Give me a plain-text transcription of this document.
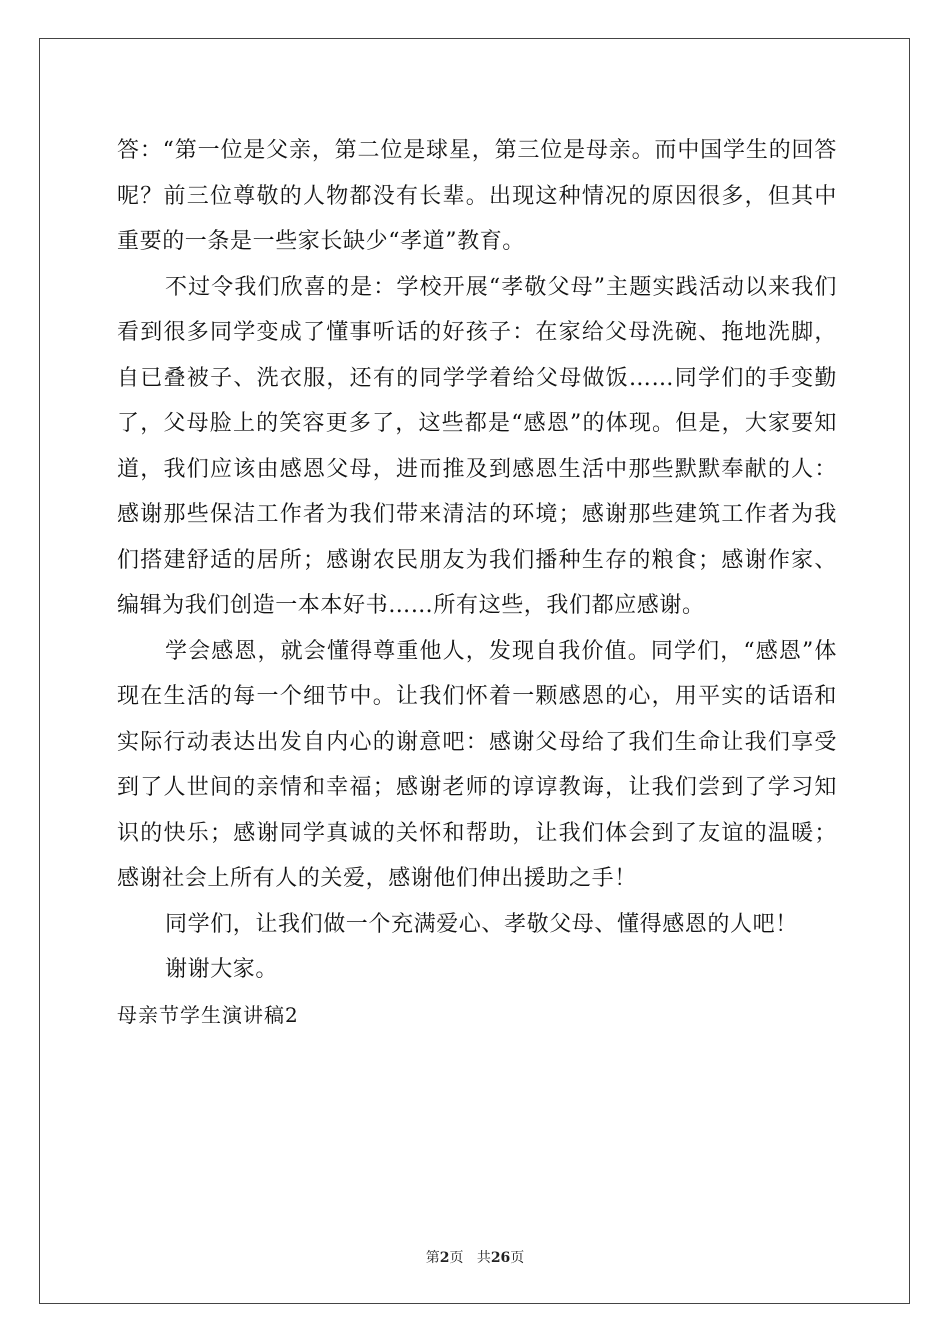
答：“第一位是父亲，第二位是球星，第三位是母亲。而中国学生的回答呢？前三位尊敬的人物都没有长辈。出现这种情况的原因很多，但其中重要的一条是一些家长缺少“孝道”教育。

不过令我们欣喜的是：学校开展“孝敬父母”主题实践活动以来我们看到很多同学变成了懂事听话的好孩子：在家给父母洗碗、拖地洗脚，自已叠被子、洗衣服，还有的同学学着给父母做饭……同学们的手变勤了，父母脸上的笑容更多了，这些都是“感恩”的体现。但是，大家要知道，我们应该由感恩父母，进而推及到感恩生活中那些默默奉献的人：感谢那些保洁工作者为我们带来清洁的环境；感谢那些建筑工作者为我们搭建舒适的居所；感谢农民朋友为我们播种生存的粮食；感谢作家、编辑为我们创造一本本好书……所有这些，我们都应感谢。

学会感恩，就会懂得尊重他人，发现自我价值。同学们，“感恩”体现在生活的每一个细节中。让我们怀着一颗感恩的心，用平实的话语和实际行动表达出发自内心的谢意吧：感谢父母给了我们生命让我们享受到了人世间的亲情和幸福；感谢老师的谆谆教诲，让我们尝到了学习知识的快乐；感谢同学真诚的关怀和帮助，让我们体会到了友谊的温暖；感谢社会上所有人的关爱，感谢他们伸出援助之手！

同学们，让我们做一个充满爱心、孝敬父母、懂得感恩的人吧！

谢谢大家。

母亲节学生演讲稿2

第2页 共26页
